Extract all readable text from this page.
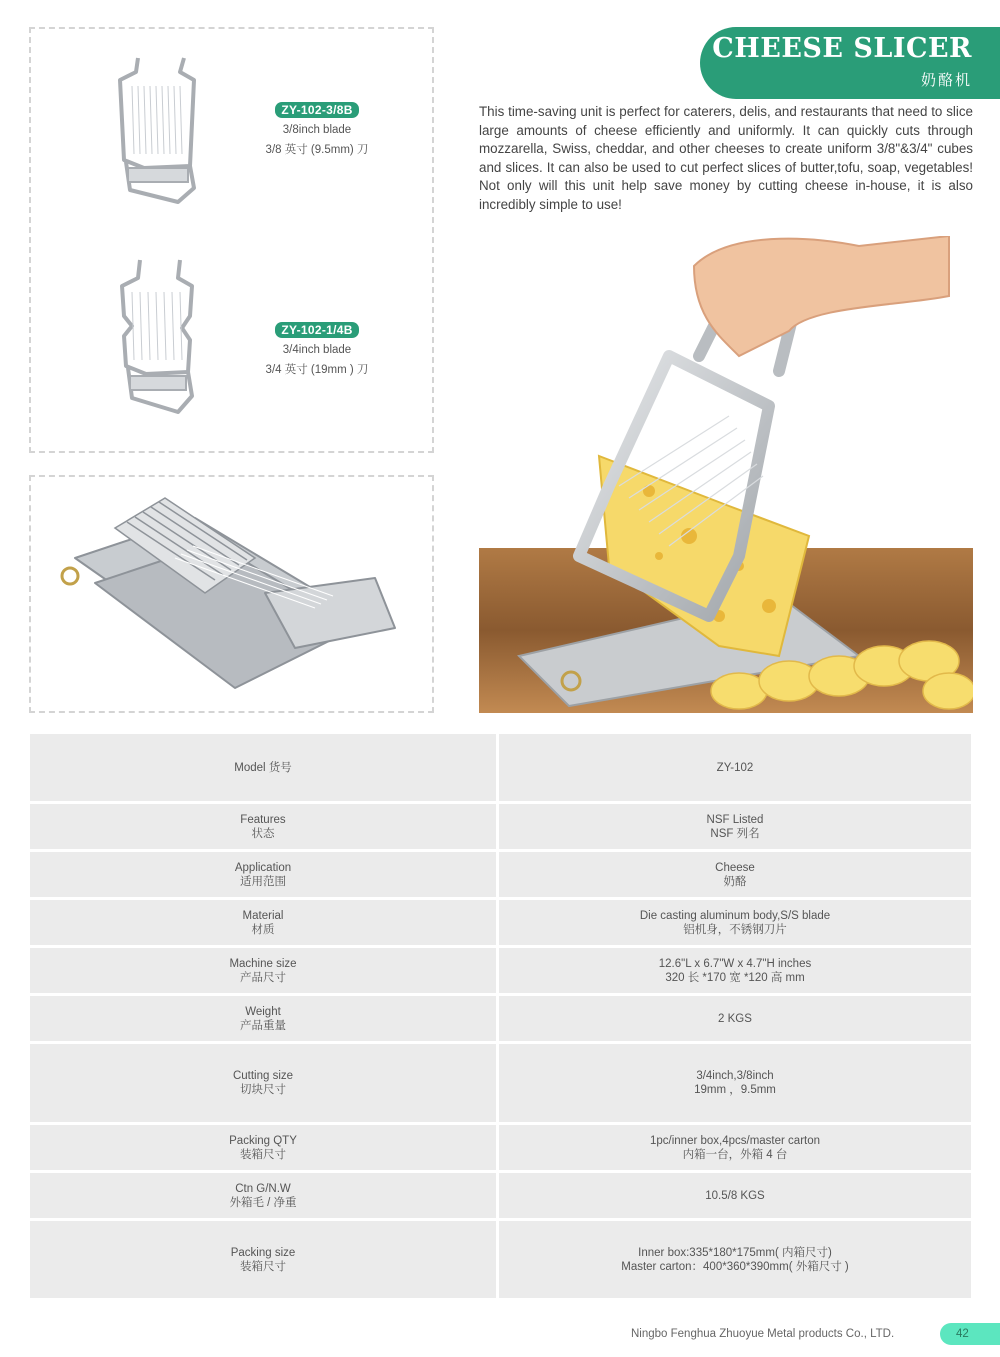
CHEESE SLICER
奶酪机
This time-saving unit is perfect for caterers, delis, and restaurants that need to slice large amounts of cheese efficiently and uniformly. It can quickly cuts through mozzarella, Swiss, cheddar, and other cheeses to create uniform 3/8"&3/4" cubes and slices. It can also be used to cut perfect slices of butter,tofu, soap, vegetables! Not only will this unit help save money by cutting cheese in-house, it is also incredibly simple to use!
ZY-102-3/8B
3/8inch blade
3/8 英寸 (9.5mm) 刀
ZY-102-1/4B
3/4inch blade
3/4 英寸 (19mm ) 刀
Model 货号	ZY-102
Features
状态
NSF Listed
NSF 列名
Application
适用范围
Cheese
奶酪
Material
材质
Die casting aluminum body,S/S blade
铝机身，不锈钢刀片
Machine size
产品尺寸
12.6"L x 6.7"W x 4.7"H inches
320 长 *170 宽 *120 高 mm
Weight
产品重量
2 KGS
Cutting size
切块尺寸
3/4inch,3/8inch
19mm ，9.5mm
Packing QTY
装箱尺寸
1pc/inner box,4pcs/master carton
内箱一台，外箱 4 台
Ctn G/N.W
外箱毛 / 净重
10.5/8 KGS
Packing size
装箱尺寸
Inner box:335*180*175mm( 内箱尺寸)
Master carton：400*360*390mm( 外箱尺寸 )
Ningbo Fenghua Zhuoyue Metal products Co., LTD.	42
